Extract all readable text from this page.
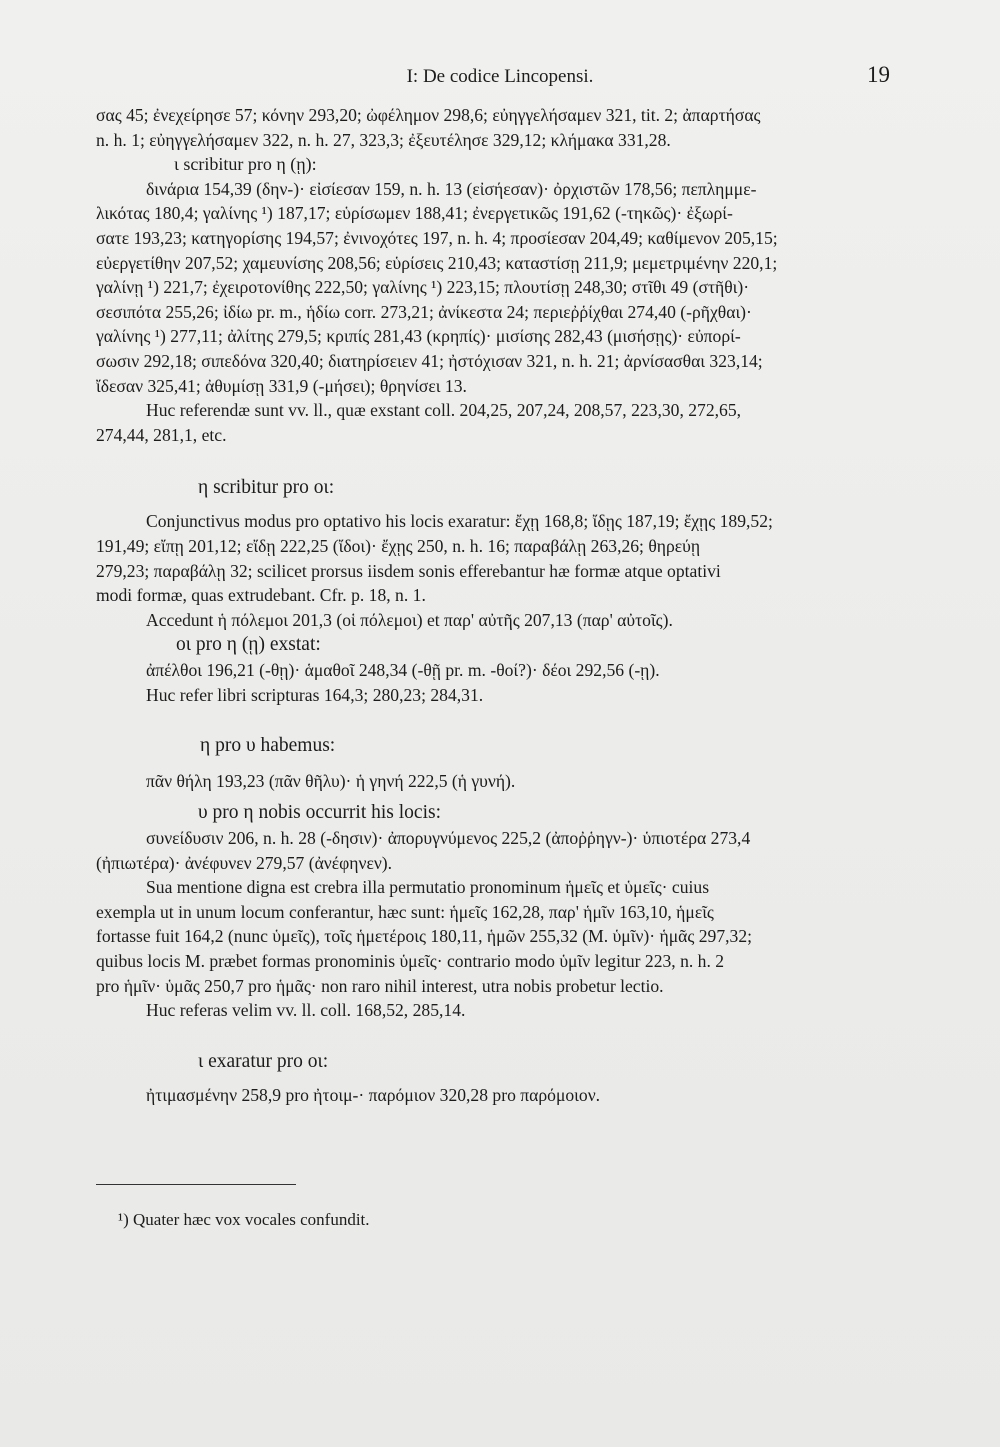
I: De codice Lincopensi.	19

σας 45; ἐνεχείρησε 57; κόνην 293,20; ὠφέλημον 298,6; εὐηγγελήσαμεν 321, tit. 2; ἀπαρτήσας

n. h. 1; εὐηγγελήσαμεν 322, n. h. 27, 323,3; ἐξευτέλησε 329,12; κλήμακα 331,28.

ι scribitur pro η (ῃ):

δινάρια 154,39 (δην-)· εἰσίεσαν 159, n. h. 13 (εἰσήεσαν)· ὀρχιστῶν 178,56; πεπλημμε-

λικότας 180,4; γαλίνης ¹) 187,17; εὑρίσωμεν 188,41; ἐνεργετικῶς 191,62 (-τηκῶς)· ἐξωρί-

σατε 193,23; κατηγορίσης 194,57; ἐνινοχότες 197, n. h. 4; προσίεσαν 204,49; καθίμενον 205,15;

εὐεργετίθην 207,52; χαμευνίσης 208,56; εὑρίσεις 210,43; καταστίσῃ 211,9; μεμετριμένην 220,1;

γαλίνῃ ¹) 221,7; ἐχειροτονίθης 222,50; γαλίνης ¹) 223,15; πλουτίσῃ 248,30; στῖθι 49 (στῆθι)·

σεσιπότα 255,26; ἰδίω pr. m., ἡδίω corr. 273,21; ἀνίκεστα 24; περιεῤῥίχθαι 274,40 (-ρῆχθαι)·

γαλίνης ¹) 277,11; ἀλίτης 279,5; κριπίς 281,43 (κρηπίς)· μισίσης 282,43 (μισήσῃς)· εὐπορί-

σωσιν 292,18; σιπεδόνα 320,40; διατηρίσειεν 41; ἠστόχισαν 321, n. h. 21; ἀρνίσασθαι 323,14;

ἴδεσαν 325,41; ἀθυμίσῃ 331,9 (-μήσει); θρηνίσει 13.

Huc referendæ sunt vv. ll., quæ exstant coll. 204,25, 207,24, 208,57, 223,30, 272,65,

274,44, 281,1, etc.

η scribitur pro οι:

Conjunctivus modus pro optativo his locis exaratur: ἔχῃ 168,8; ἴδῃς 187,19; ἔχῃς 189,52;

191,49; εἴπῃ 201,12; εἴδῃ 222,25 (ἴδοι)· ἔχῃς 250, n. h. 16; παραβάλῃ 263,26; θηρεύῃ

279,23; παραβάλῃ 32; scilicet prorsus iisdem sonis efferebantur hæ formæ atque optativi

modi formæ, quas extrudebant. Cfr. p. 18, n. 1.

Accedunt ἡ πόλεμοι 201,3 (οἱ πόλεμοι) et παρ' αὐτῆς 207,13 (παρ' αὐτοῖς).

οι pro η (ῃ) exstat:

ἀπέλθοι 196,21 (-θῃ)· ἁμαθοῖ 248,34 (-θῇ pr. m. -θοί?)· δέοι 292,56 (-ῃ).

Huc refer libri scripturas 164,3; 280,23; 284,31.

η pro υ habemus:

πᾶν θήλη 193,23 (πᾶν θῆλυ)· ἡ γηνή 222,5 (ἡ γυνή).

υ pro η nobis occurrit his locis:

συνείδυσιν 206, n. h. 28 (-δησιν)· ἀπορυγνύμενος 225,2 (ἀποῤῥηγν-)· ὑπιοτέρα 273,4

(ἠπιωτέρα)· ἀνέφυνεν 279,57 (ἀνέφηνεν).

Sua mentione digna est crebra illa permutatio pronominum ἡμεῖς et ὑμεῖς· cuius

exempla ut in unum locum conferantur, hæc sunt: ἡμεῖς 162,28, παρ' ἡμῖν 163,10, ἡμεῖς

fortasse fuit 164,2 (nunc ὑμεῖς), τοῖς ἡμετέροις 180,11, ἡμῶν 255,32 (M. ὑμῖν)· ἡμᾶς 297,32;

quibus locis M. præbet formas pronominis ὑμεῖς· contrario modo ὑμῖν legitur 223, n. h. 2

pro ἡμῖν· ὑμᾶς 250,7 pro ἡμᾶς· non raro nihil interest, utra nobis probetur lectio.

Huc referas velim vv. ll. coll. 168,52, 285,14.

ι exaratur pro οι:

ἠτιμασμένην 258,9 pro ἠτοιμ-· παρόμιον 320,28 pro παρόμοιον.

¹) Quater hæc vox vocales confundit.
